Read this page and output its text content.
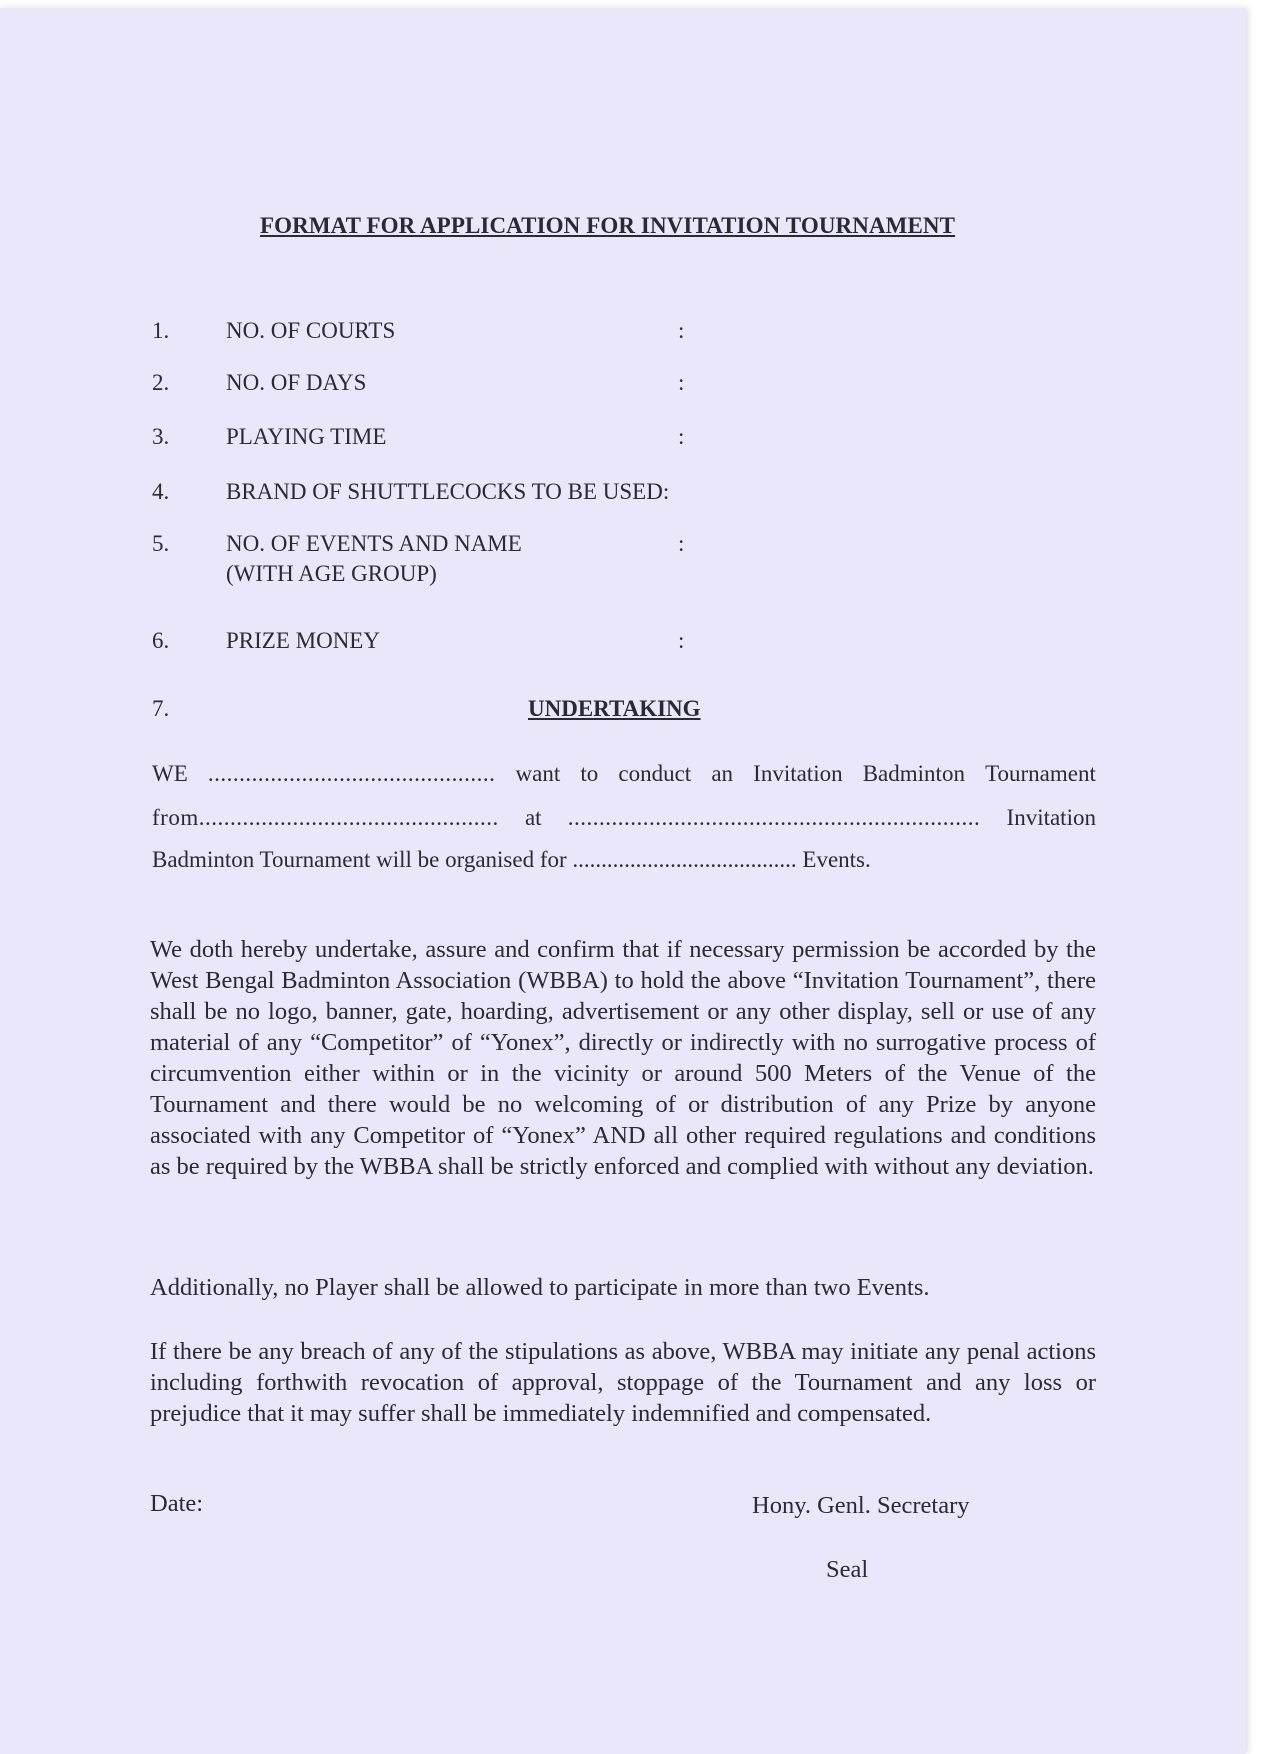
FORMAT FOR APPLICATION FOR INVITATION TOURNAMENT
1. NO. OF COURTS	:
2. NO. OF DAYS	:
3. PLAYING TIME	:
4. BRAND OF SHUTTLECOCKS TO BE USED:
5. NO. OF EVENTS AND NAME
(WITH AGE GROUP)
:
6. PRIZE MONEY	:
7.	UNDERTAKING
WE .............................................. want to conduct an Invitation Badminton Tournament
from................................................ at .................................................................. Invitation
Badminton Tournament will be organised for ....................................... Events.
We doth hereby undertake, assure and confirm that if necessary permission be accorded by the West Bengal Badminton Association (WBBA) to hold the above “Invitation Tournament”, there shall be no logo, banner, gate, hoarding, advertisement or any other display, sell or use of any material of any “Competitor” of “Yonex”, directly or indirectly with no surrogative process of circumvention either within or in the vicinity or around 500 Meters of the Venue of the Tournament and there would be no welcoming of or distribution of any Prize by anyone associated with any Competitor of “Yonex” AND all other required regulations and conditions as be required by the WBBA shall be strictly enforced and complied with without any deviation.
Additionally, no Player shall be allowed to participate in more than two Events.
If there be any breach of any of the stipulations as above, WBBA may initiate any penal actions including forthwith revocation of approval, stoppage of the Tournament and any loss or prejudice that it may suffer shall be immediately indemnified and compensated.
Date:	Hony. Genl. Secretary
Seal
